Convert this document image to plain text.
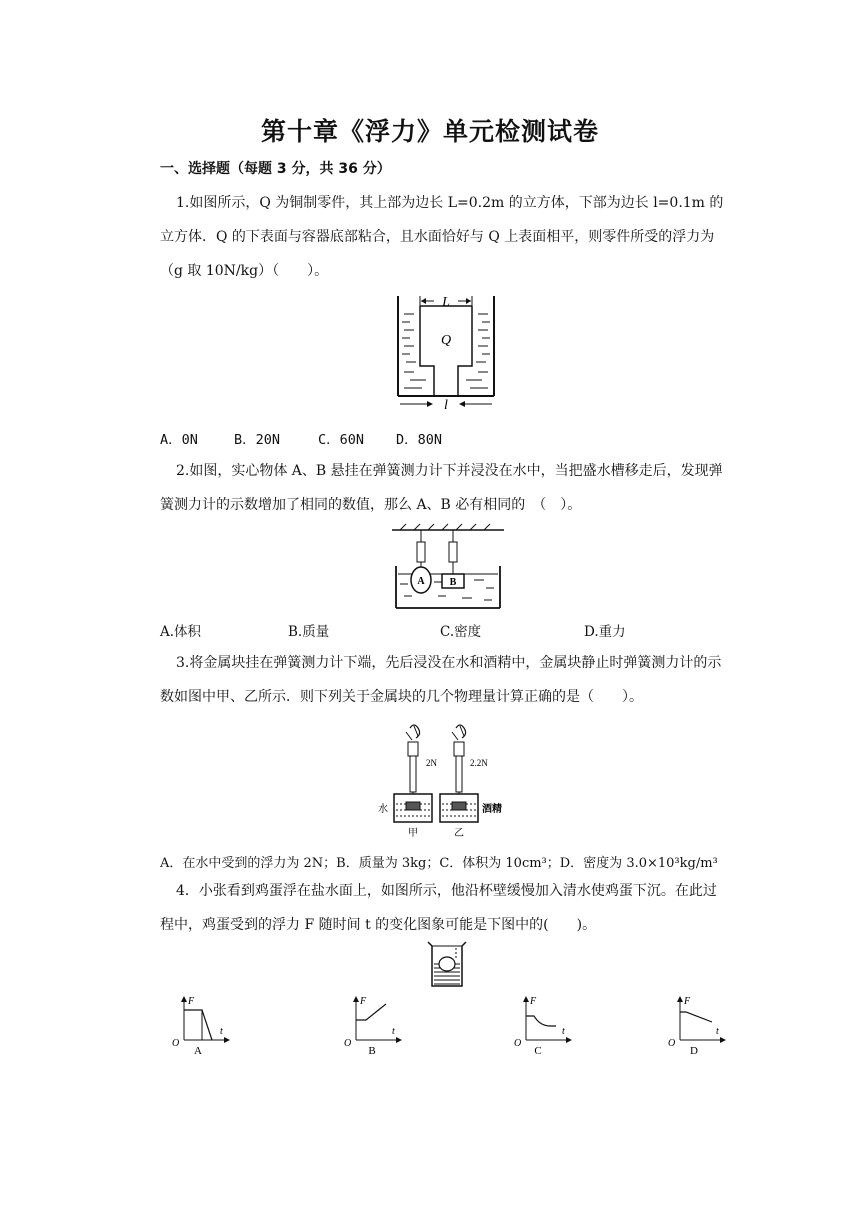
第十章《浮力》单元检测试卷
一、选择题（每题 3 分，共 36 分）
1.如图所示，Q 为铜制零件，其上部为边长 L=0.2m 的立方体，下部为边长 l=0.1m 的立方体．Q 的下表面与容器底部粘合，且水面恰好与 Q 上表面相平，则零件所受的浮力为（g 取 10N/kg）（　　）。
L
Q
l

A．0N

	B．20N

	C．60N

D．80N

2.如图，实心物体 A、B 悬挂在弹簧测力计下并浸没在水中，当把盛水槽移走后，发现弹簧测力计的示数增加了相同的数值，那么 A、B 必有相同的　（　）。
A	B

A.体积

	B.质量

	C.密度

	D.重力

3.将金属块挂在弹簧测力计下端，先后浸没在水和酒精中，金属块静止时弹簧测力计的示数如图中甲、乙所示．则下列关于金属块的几个物理量计算正确的是（　　）。
2N
水
甲
2.2N
酒精
乙
A．在水中受到的浮力为 2N；B．质量为 3kg；C．体积为 10cm³；D．密度为 3.0×10³kg/m³
4．小张看到鸡蛋浮在盐水面上，如图所示，他沿杯壁缓慢加入清水使鸡蛋下沉。在此过程中，鸡蛋受到的浮力 F 随时间 t 的变化图象可能是下图中的(　　)。
F
t
O
A
F
t
O
B
F
t
O
C
F
t
O
D
